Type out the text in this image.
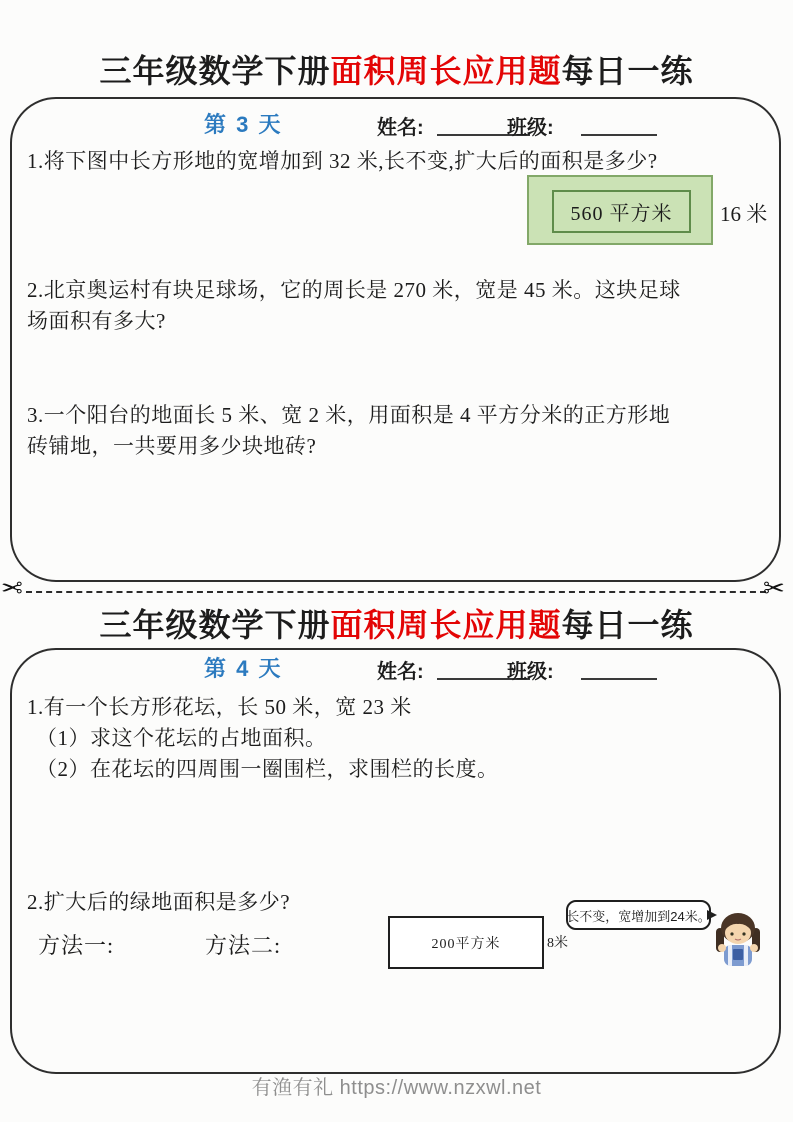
三年级数学下册面积周长应用题每日一练
第 3 天	姓名:	班级:
1.将下图中长方形地的宽增加到 32 米,长不变,扩大后的面积是多少?
560 平方米 16 米
2.北京奥运村有块足球场，它的周长是 270 米，宽是 45 米。这块足球
场面积有多大?
3.一个阳台的地面长 5 米、宽 2 米，用面积是 4 平方分米的正方形地
砖铺地，一共要用多少块地砖?
✂	✂
三年级数学下册面积周长应用题每日一练
第 4 天	姓名:	班级:
1.有一个长方形花坛，长 50 米，宽 23 米
（1）求这个花坛的占地面积。
（2）在花坛的四周围一圈围栏，求围栏的长度。
2.扩大后的绿地面积是多少?
方法一:	方法二:	200平方米	8米
长不变，宽增加到24米。
有渔有礼 https://www.nzxwl.net
